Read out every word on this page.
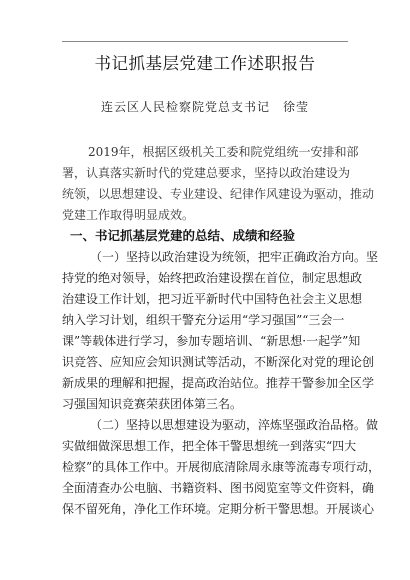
书记抓基层党建工作述职报告
连云区人民检察院党总支书记　徐莹
2019年，根据区级机关工委和院党组统一安排和部
署，认真落实新时代的党建总要求，坚持以政治建设为
统领，以思想建设、专业建设、纪律作风建设为驱动，推动
党建工作取得明显成效。
一、书记抓基层党建的总结、成绩和经验
（一）坚持以政治建设为统领，把牢正确政治方向。坚
持党的绝对领导，始终把政治建设摆在首位，制定思想政
治建设工作计划，把习近平新时代中国特色社会主义思想
纳入学习计划，组织干警充分运用“学习强国”“三会一
课”等载体进行学习，参加专题培训、“新思想·一起学”知
识竞答、应知应会知识测试等活动，不断深化对党的理论创
新成果的理解和把握，提高政治站位。推荐干警参加全区学
习强国知识竞赛荣获团体第三名。
（二）坚持以思想建设为驱动，淬炼坚强政治品格。做
实做细做深思想工作，把全体干警思想统一到落实“四大
检察”的具体工作中。开展彻底清除周永康等流毒专项行动，
全面清查办公电脑、书籍资料、图书阅览室等文件资料，确
保不留死角，净化工作环境。定期分析干警思想。开展谈心
